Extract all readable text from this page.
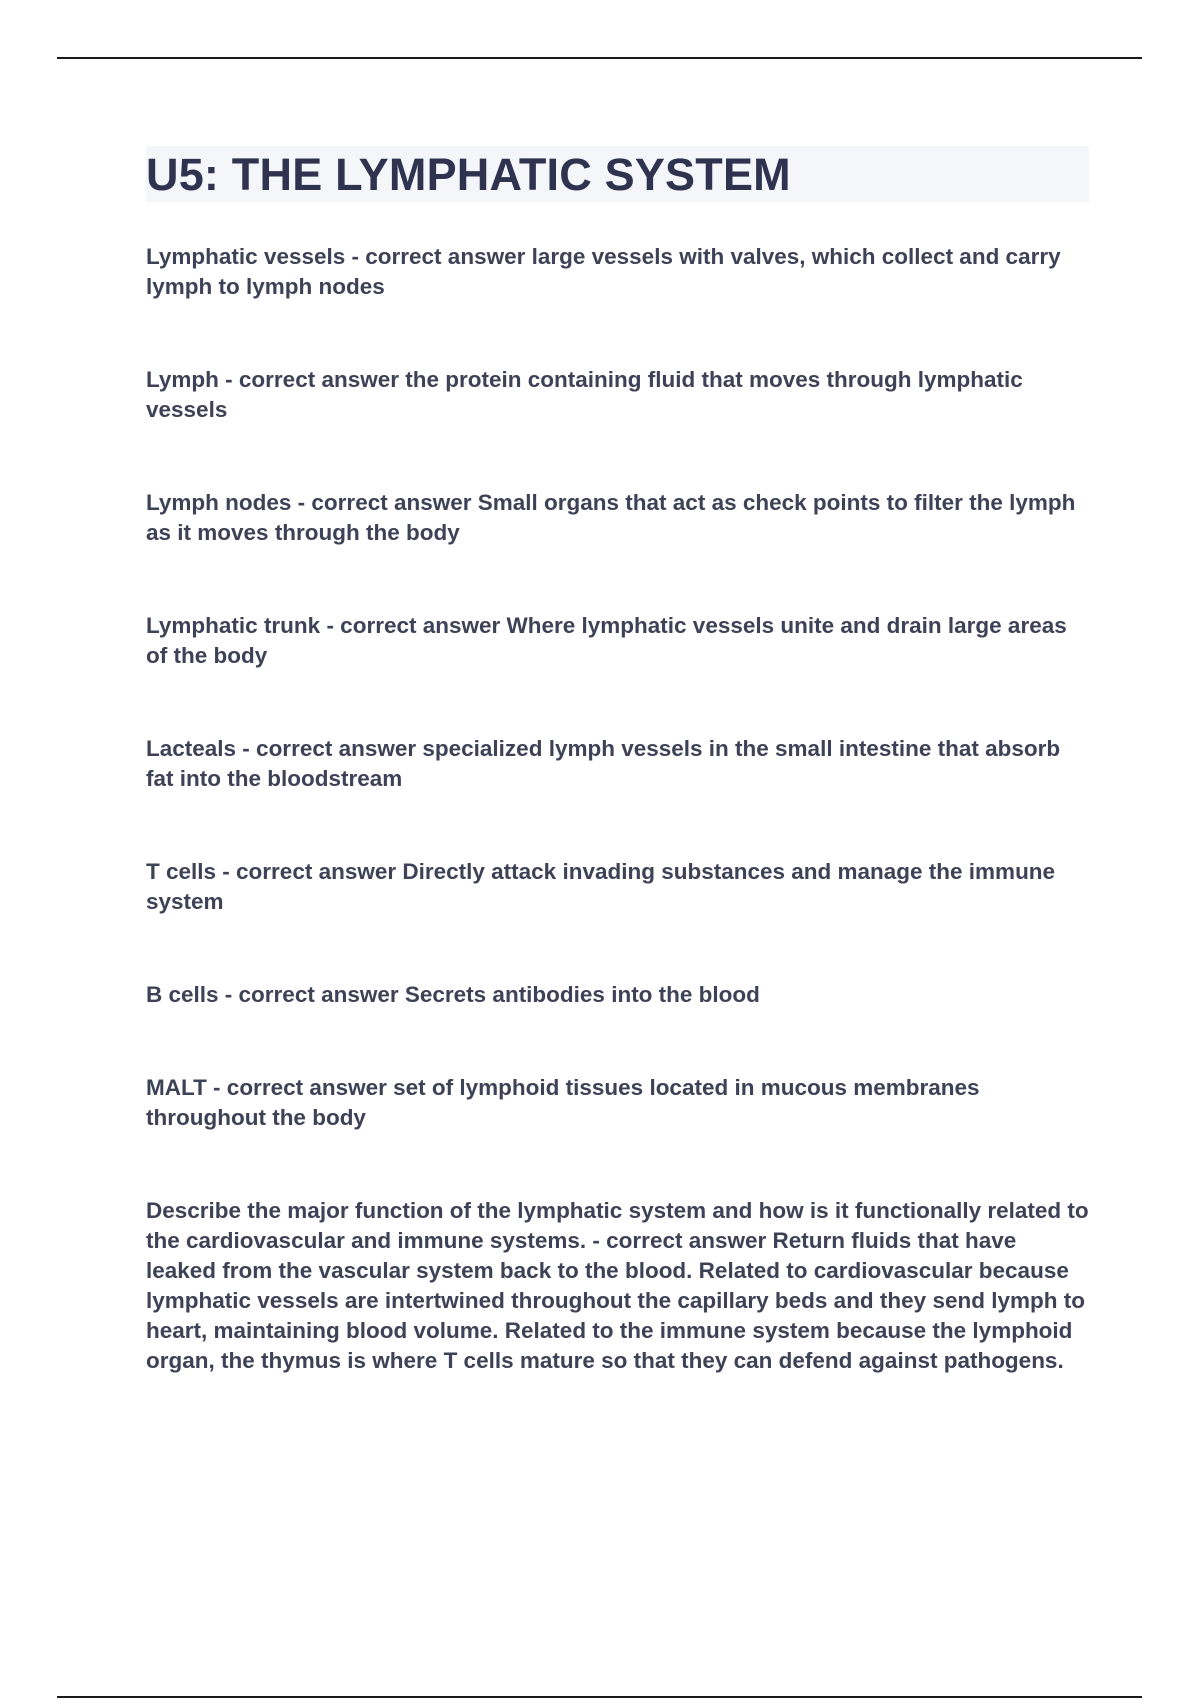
U5: THE LYMPHATIC SYSTEM

Lymphatic vessels - correct answer large vessels with valves, which collect and carry lymph to lymph nodes

Lymph - correct answer the protein containing fluid that moves through lymphatic vessels

Lymph nodes - correct answer Small organs that act as check points to filter the lymph as it moves through the body

Lymphatic trunk - correct answer Where lymphatic vessels unite and drain large areas of the body

Lacteals - correct answer specialized lymph vessels in the small intestine that absorb fat into the bloodstream

T cells - correct answer Directly attack invading substances and manage the immune system

B cells - correct answer Secrets antibodies into the blood

MALT - correct answer set of lymphoid tissues located in mucous membranes throughout the body

Describe the major function of the lymphatic system and how is it functionally related to the cardiovascular and immune systems. - correct answer Return fluids that have leaked from the vascular system back to the blood. Related to cardiovascular because lymphatic vessels are intertwined throughout the capillary beds and they send lymph to heart, maintaining blood volume. Related to the immune system because the lymphoid organ, the thymus is where T cells mature so that they can defend against pathogens.
